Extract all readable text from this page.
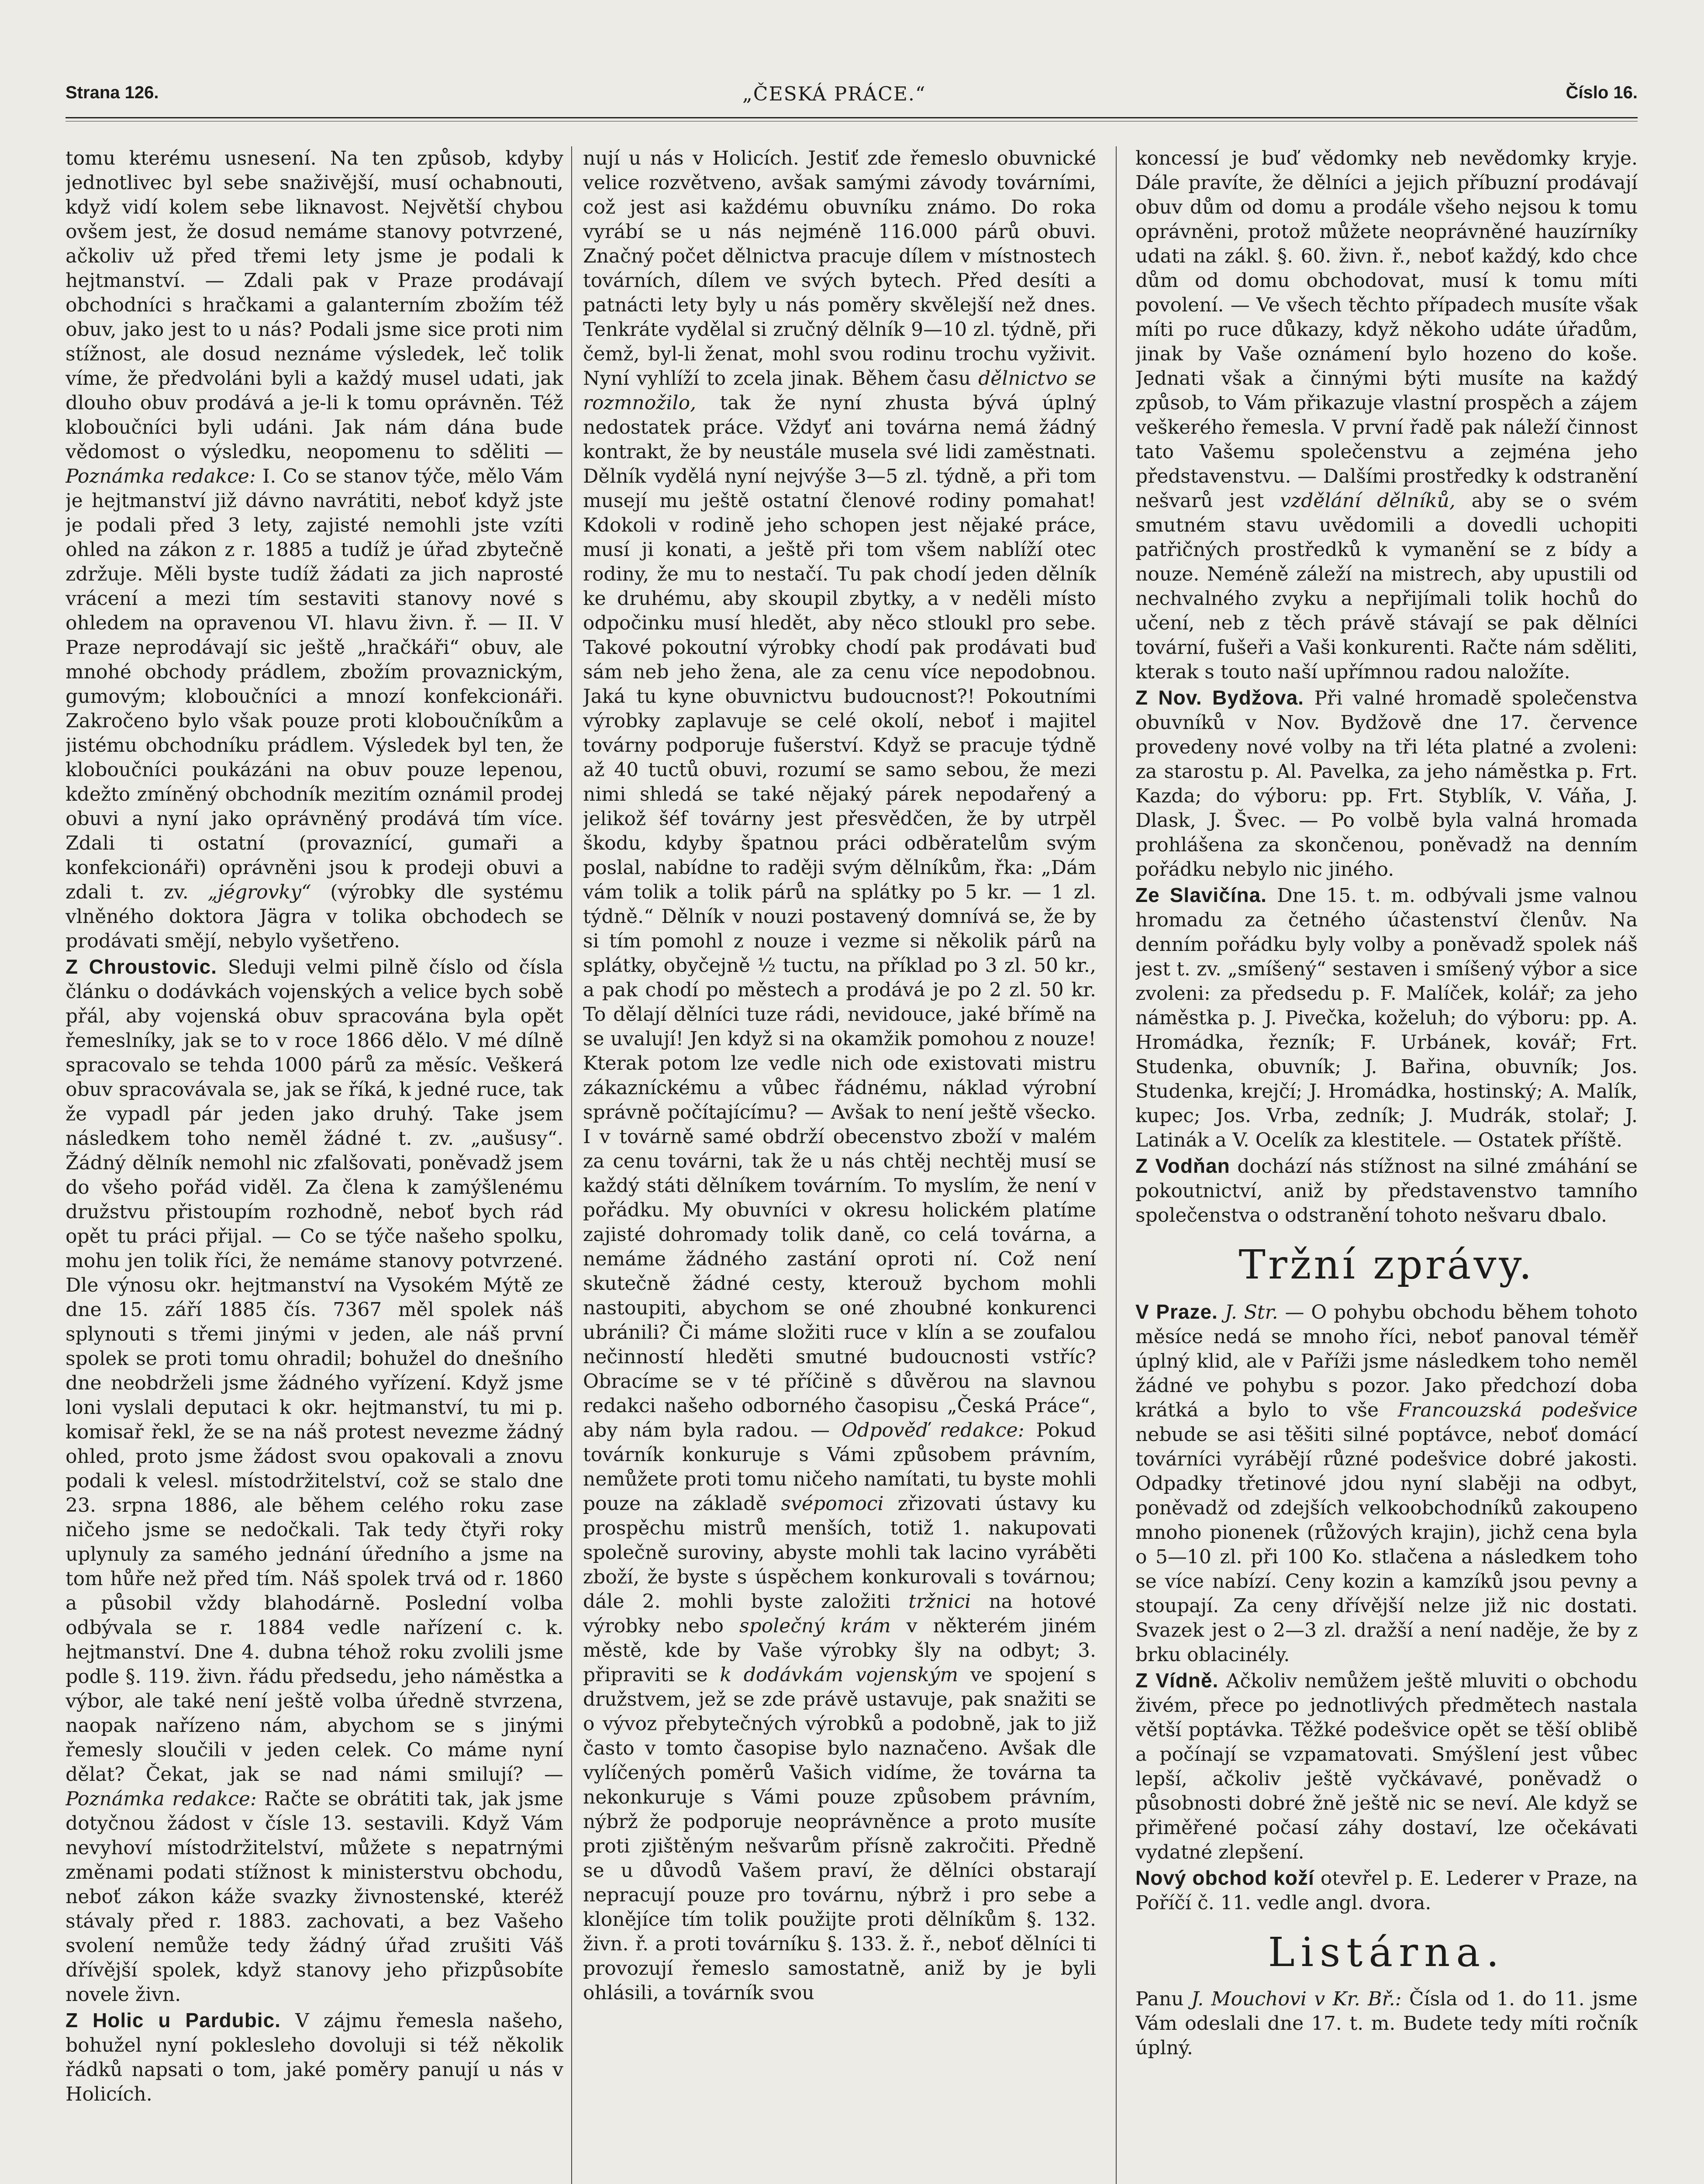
Strana 126.	„ČESKÁ PRÁCE.“	Číslo 16.

tomu kterému usnesení. Na ten způsob, kdyby jednotlivec byl sebe snaživější, musí ochabnouti, když vidí kolem sebe liknavost. Největší chybou ovšem jest, že dosud nemáme stanovy potvrzené, ačkoliv už před třemi lety jsme je podali k hejtmanství. — Zdali pak v Praze prodávají obchodníci s hračkami a galanterním zbožím též obuv, jako jest to u nás? Podali jsme sice proti nim stížnost, ale dosud neznáme výsledek, leč tolik víme, že předvoláni byli a každý musel udati, jak dlouho obuv prodává a je-li k tomu oprávněn. Též kloboučníci byli udáni. Jak nám dána bude vědomost o výsledku, neopomenu to sděliti — Poznámka redakce: I. Co se stanov týče, mělo Vám je hejtmanství již dávno navrátiti, neboť když jste je podali před 3 lety, zajisté nemohli jste vzíti ohled na zákon z r. 1885 a tudíž je úřad zbytečně zdržuje. Měli byste tudíž žádati za jich naprosté vrácení a mezi tím sestaviti stanovy nové s ohledem na opravenou VI. hlavu živn. ř. — II. V Praze neprodávají sic ještě „hračkáři“ obuv, ale mnohé obchody prádlem, zbožím provaznickým, gumovým; kloboučníci a mnozí konfekcionáři. Zakročeno bylo však pouze proti kloboučníkům a jistému obchodníku prádlem. Výsledek byl ten, že kloboučníci poukázáni na obuv pouze lepenou, kdežto zmíněný obchodník mezitím oznámil prodej obuvi a nyní jako oprávněný prodává tím více. Zdali ti ostatní (provaznící, gumaři a konfekcionáři) oprávněni jsou k prodeji obuvi a zdali t. zv. „jégrovky“ (výrobky dle systému vlněného doktora Jägra v tolika obchodech se prodávati smějí, nebylo vyšetřeno.

Z Chroustovic. Sleduji velmi pilně číslo od čísla článku o dodávkách vojenských a velice bych sobě přál, aby vojenská obuv spracována byla opět řemeslníky, jak se to v roce 1866 dělo. V mé dílně spracovalo se tehda 1000 párů za měsíc. Veškerá obuv spracovávala se, jak se říká, k jedné ruce, tak že vypadl pár jeden jako druhý. Take jsem následkem toho neměl žádné t. zv. „aušusy“. Žádný dělník nemohl nic zfalšovati, poněvadž jsem do všeho pořád viděl. Za člena k zamýšlenému družstvu přistoupím rozhodně, neboť bych rád opět tu práci přijal. — Co se týče našeho spolku, mohu jen tolik říci, že nemáme stanovy potvrzené. Dle výnosu okr. hejtmanství na Vysokém Mýtě ze dne 15. září 1885 čís. 7367 měl spolek náš splynouti s třemi jinými v jeden, ale náš první spolek se proti tomu ohradil; bohužel do dnešního dne neobdrželi jsme žádného vyřízení. Když jsme loni vyslali deputaci k okr. hejtmanství, tu mi p. komisař řekl, že se na náš protest nevezme žádný ohled, proto jsme žádost svou opakovali a znovu podali k velesl. místodržitelství, což se stalo dne 23. srpna 1886, ale během celého roku zase ničeho jsme se nedočkali. Tak tedy čtyři roky uplynuly za samého jednání úředního a jsme na tom hůře než před tím. Náš spolek trvá od r. 1860 a působil vždy blahodárně. Poslední volba odbývala se r. 1884 vedle nařízení c. k. hejtmanství. Dne 4. dubna téhož roku zvolili jsme podle §. 119. živn. řádu předsedu, jeho náměstka a výbor, ale také není ještě volba úředně stvrzena, naopak nařízeno nám, abychom se s jinými řemesly sloučili v jeden celek. Co máme nyní dělat? Čekat, jak se nad námi smilují? — Poznámka redakce: Račte se obrátiti tak, jak jsme dotyčnou žádost v čísle 13. sestavili. Když Vám nevyhoví místodržitelství, můžete s nepatrnými změnami podati stížnost k ministerstvu obchodu, neboť zákon káže svazky živnostenské, kteréž stávaly před r. 1883. zachovati, a bez Vašeho svolení nemůže tedy žádný úřad zrušiti Váš dřívější spolek, když stanovy jeho přizpůsobíte novele živn.

Z Holic u Pardubic. V zájmu řemesla našeho, bohužel nyní poklesleho dovoluji si též několik řádků napsati o tom, jaké poměry panují u nás v Holicích.

nují u nás v Holicích. Jestiť zde řemeslo obuvnické velice rozvětveno, avšak samými závody továrními, což jest asi každému obuvníku známo. Do roka vyrábí se u nás nejméně 116.000 párů obuvi. Značný počet dělnictva pracuje dílem v místnostech továrních, dílem ve svých bytech. Před desíti a patnácti lety byly u nás poměry skvělejší než dnes. Tenkráte vydělal si zručný dělník 9—10 zl. týdně, při čemž, byl-li ženat, mohl svou rodinu trochu vyživit. Nyní vyhlíží to zcela jinak. Během času dělnictvo se rozmnožilo, tak že nyní zhusta bývá úplný nedostatek práce. Vždyť ani továrna nemá žádný kontrakt, že by neustále musela své lidi zaměstnati. Dělník vydělá nyní nejvýše 3—5 zl. týdně, a při tom musejí mu ještě ostatní členové rodiny pomahat! Kdokoli v rodině jeho schopen jest nějaké práce, musí ji konati, a ještě při tom všem nablíží otec rodiny, že mu to nestačí. Tu pak chodí jeden dělník ke druhému, aby skoupil zbytky, a v neděli místo odpočinku musí hledět, aby něco stloukl pro sebe. Takové pokoutní výrobky chodí pak prodávati buď sám neb jeho žena, ale za cenu více nepodobnou. Jaká tu kyne obuvnictvu budoucnost?! Pokoutními výrobky zaplavuje se celé okolí, neboť i majitel továrny podporuje fušerství. Když se pracuje týdně až 40 tuctů obuvi, rozumí se samo sebou, že mezi nimi shledá se také nějaký párek nepodařený a jelikož šéf továrny jest přesvědčen, že by utrpěl škodu, kdyby špatnou práci odběratelům svým poslal, nabídne to raději svým dělníkům, řka: „Dám vám tolik a tolik párů na splátky po 5 kr. — 1 zl. týdně.“ Dělník v nouzi postavený domnívá se, že by si tím pomohl z nouze i vezme si několik párů na splátky, obyčejně ½ tuctu, na příklad po 3 zl. 50 kr., a pak chodí po městech a prodává je po 2 zl. 50 kr. To dělají dělníci tuze rádi, nevidouce, jaké břímě na se uvalují! Jen když si na okamžik pomohou z nouze! Kterak potom lze vedle nich ode existovati mistru zákazníckému a vůbec řádnému, náklad výrobní správně počítajícímu? — Avšak to není ještě všecko. I v továrně samé obdrží obecenstvo zboží v malém za cenu továrni, tak že u nás chtěj nechtěj musí se každý státi dělníkem továrním. To myslím, že není v pořádku. My obuvníci v okresu holickém platíme zajisté dohromady tolik daně, co celá továrna, a nemáme žádného zastání oproti ní. Což není skutečně žádné cesty, kterouž bychom mohli nastoupiti, abychom se oné zhoubné konkurenci ubránili? Či máme složiti ruce v klín a se zoufalou nečinností hleděti smutné budoucnosti vstříc? Obracíme se v té příčině s důvěrou na slavnou redakci našeho odborného časopisu „Česká Práce“, aby nám byla radou. — Odpověď redakce: Pokud továrník konkuruje s Vámi způsobem právním, nemůžete proti tomu ničeho namítati, tu byste mohli pouze na základě svépomoci zřizovati ústavy ku prospěchu mistrů menších, totiž 1. nakupovati společně suroviny, abyste mohli tak lacino vyráběti zboží, že byste s úspěchem konkurovali s továrnou; dále 2. mohli byste založiti tržnici na hotové výrobky nebo společný krám v některém jiném městě, kde by Vaše výrobky šly na odbyt; 3. připraviti se k dodávkám vojenským ve spojení s družstvem, jež se zde právě ustavuje, pak snažiti se o vývoz přebytečných výrobků a podobně, jak to již často v tomto časopise bylo naznačeno. Avšak dle vylíčených poměrů Vašich vidíme, že továrna ta nekonkuruje s Vámi pouze způsobem právním, nýbrž že podporuje neoprávněnce a proto musíte proti zjištěným nešvarům přísně zakročiti. Předně se u důvodů Vašem praví, že dělníci obstarají nepracují pouze pro továrnu, nýbrž i pro sebe a klonějíce tím tolik použijte proti dělníkům §. 132. živn. ř. a proti továrníku §. 133. ž. ř., neboť dělníci ti provozují řemeslo samostatně, aniž by je byli ohlásili, a továrník svou

koncessí je buď vědomky neb nevědomky kryje. Dále pravíte, že dělníci a jejich příbuzní prodávají obuv dům od domu a prodále všeho nejsou k tomu oprávněni, protož můžete neoprávněné hauzírníky udati na zákl. §. 60. živn. ř., neboť každý, kdo chce dům od domu obchodovat, musí k tomu míti povolení. — Ve všech těchto případech musíte však míti po ruce důkazy, když někoho udáte úřadům, jinak by Vaše oznámení bylo hozeno do koše. Jednati však a činnými býti musíte na každý způsob, to Vám přikazuje vlastní prospěch a zájem veškerého řemesla. V první řadě pak náleží činnost tato Vašemu společenstvu a zejména jeho představenstvu. — Dalšími prostředky k odstranění nešvarů jest vzdělání dělníků, aby se o svém smutném stavu uvědomili a dovedli uchopiti patřičných prostředků k vymanění se z bídy a nouze. Neméně záleží na mistrech, aby upustili od nechvalného zvyku a nepřijímali tolik hochů do učení, neb z těch právě stávají se pak dělníci tovární, fušeři a Vaši konkurenti. Račte nám sděliti, kterak s touto naší upřímnou radou naložíte.

Z Nov. Bydžova. Při valné hromadě společenstva obuvníků v Nov. Bydžově dne 17. července provedeny nové volby na tři léta platné a zvoleni: za starostu p. Al. Pavelka, za jeho náměstka p. Frt. Kazda; do výboru: pp. Frt. Styblík, V. Váňa, J. Dlask, J. Švec. — Po volbě byla valná hromada prohlášena za skončenou, poněvadž na denním pořádku nebylo nic jiného.

Ze Slavičína. Dne 15. t. m. odbývali jsme valnou hromadu za četného účastenství členův. Na denním pořádku byly volby a poněvadž spolek náš jest t. zv. „smíšený“ sestaven i smíšený výbor a sice zvoleni: za předsedu p. F. Malíček, kolář; za jeho náměstka p. J. Pivečka, koželuh; do výboru: pp. A. Hromádka, řezník; F. Urbánek, kovář; Frt. Studenka, obuvník; J. Bařina, obuvník; Jos. Studenka, krejčí; J. Hromádka, hostinský; A. Malík, kupec; Jos. Vrba, zedník; J. Mudrák, stolař; J. Latinák a V. Ocelík za klestitele. — Ostatek příště.

Z Vodňan dochází nás stížnost na silné zmáhání se pokoutnictví, aniž by představenstvo tamního společenstva o odstranění tohoto nešvaru dbalo.

Tržní zprávy.

V Praze. J. Str. — O pohybu obchodu během tohoto měsíce nedá se mnoho říci, neboť panoval téměř úplný klid, ale v Paříži jsme následkem toho neměl žádné ve pohybu s pozor. Jako předchozí doba krátká a bylo to vše Francouzská podešvice nebude se asi těšiti silné poptávce, neboť domácí továrníci vyrábějí různé podešvice dobré jakosti. Odpadky třetinové jdou nyní slaběji na odbyt, poněvadž od zdejších velkoobchodníků zakoupeno mnoho pionenek (růžových krajin), jichž cena byla o 5—10 zl. při 100 Ko. stlačena a následkem toho se více nabízí. Ceny kozin a kamzíků jsou pevny a stoupají. Za ceny dřívější nelze již nic dostati. Svazek jest o 2—3 zl. dražší a není naděje, že by z brku oblacinély.

Z Vídně. Ačkoliv nemůžem ještě mluviti o obchodu živém, přece po jednotlivých předmětech nastala větší poptávka. Těžké podešvice opět se těší oblibě a počínají se vzpamatovati. Smýšlení jest vůbec lepší, ačkoliv ještě vyčkávavé, poněvadž o působnosti dobré žně ještě nic se neví. Ale když se přiměřené počasí záhy dostaví, lze očekávati vydatné zlepšení.

Nový obchod koží otevřel p. E. Lederer v Praze, na Poříčí č. 11. vedle angl. dvora.

Listárna.

Panu J. Mouchovi v Kr. Bř.: Čísla od 1. do 11. jsme Vám odeslali dne 17. t. m. Budete tedy míti ročník úplný.
